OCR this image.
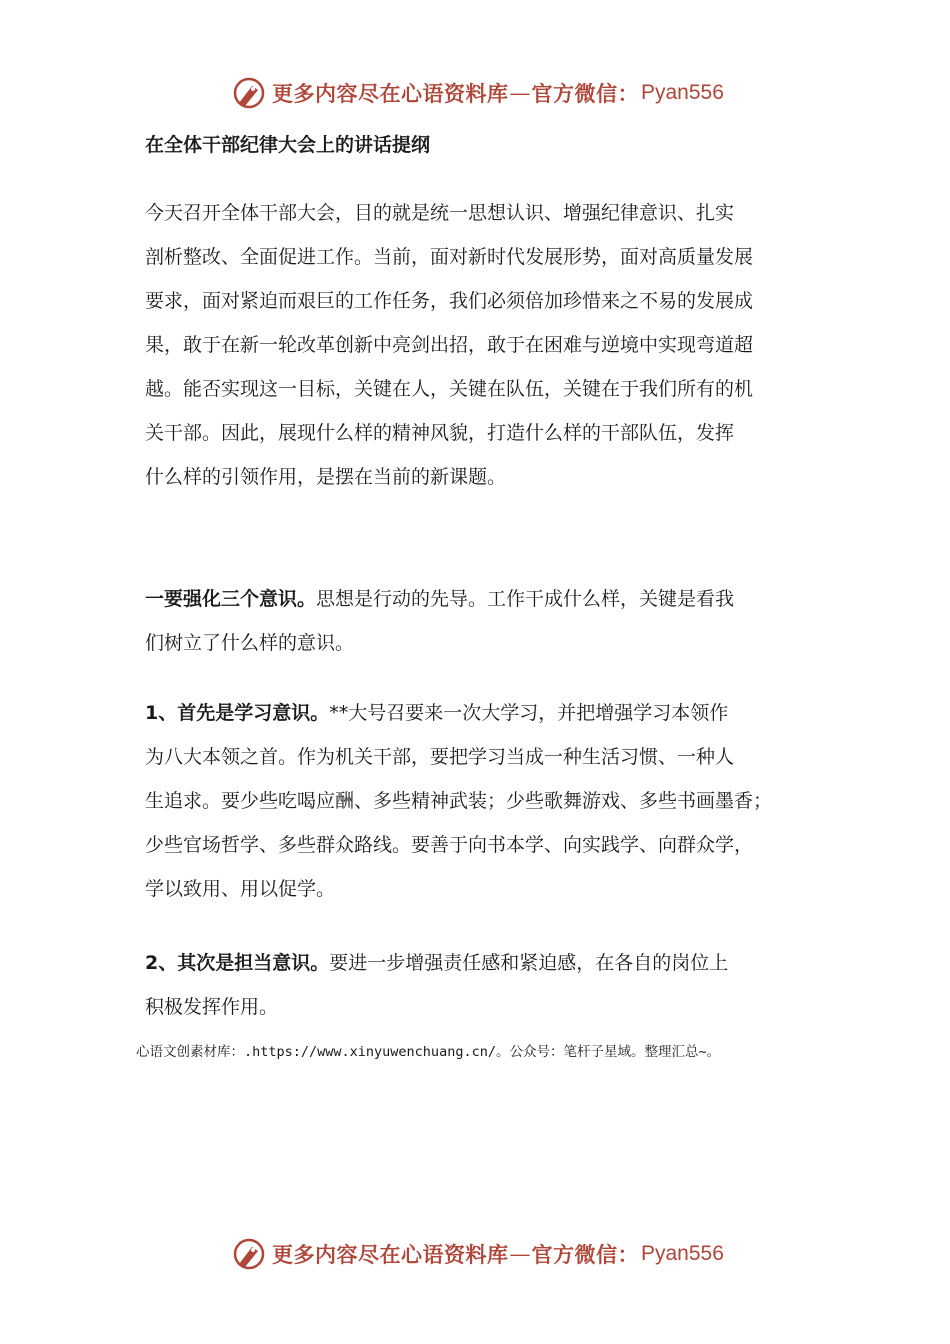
更多内容尽在心语资料库 — 官方微信： Pyan556
在全体干部纪律大会上的讲话提纲
今天召开全体干部大会，目的就是统一思想认识、增强纪律意识、扎实
剖析整改、全面促进工作。当前，面对新时代发展形势，面对高质量发展
要求，面对紧迫而艰巨的工作任务，我们必须倍加珍惜来之不易的发展成
果，敢于在新一轮改革创新中亮剑出招，敢于在困难与逆境中实现弯道超
越。能否实现这一目标，关键在人，关键在队伍，关键在于我们所有的机
关干部。因此，展现什么样的精神风貌，打造什么样的干部队伍，发挥
什么样的引领作用，是摆在当前的新课题。
一要强化三个意识。思想是行动的先导。工作干成什么样，关键是看我
们树立了什么样的意识。
1、首先是学习意识。**大号召要来一次大学习，并把增强学习本领作
为八大本领之首。作为机关干部，要把学习当成一种生活习惯、一种人
生追求。要少些吃喝应酬、多些精神武装；少些歌舞游戏、多些书画墨香；
少些官场哲学、多些群众路线。要善于向书本学、向实践学、向群众学，
学以致用、用以促学。
2、其次是担当意识。要进一步增强责任感和紧迫感，在各自的岗位上
积极发挥作用。
心语文创素材库：.https://www.xinyuwenchuang.cn/。公众号：笔杆子星域。整理汇总~。
更多内容尽在心语资料库 — 官方微信： Pyan556
